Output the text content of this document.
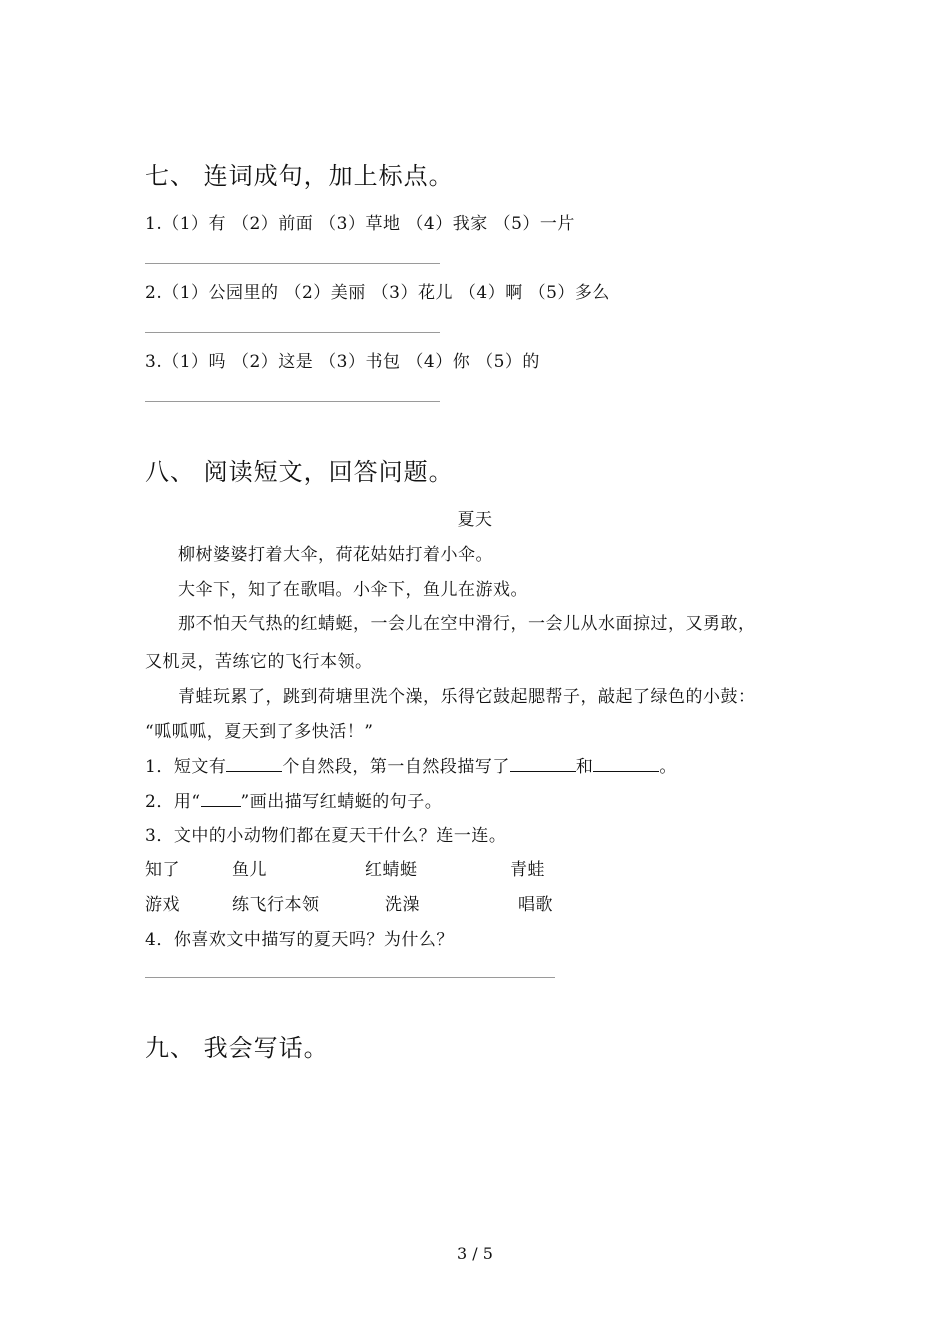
七、 连词成句，加上标点。
1.（1）有 （2）前面 （3）草地 （4）我家 （5）一片
2.（1）公园里的 （2）美丽 （3）花儿 （4）啊 （5）多么
3.（1）吗 （2）这是 （3）书包 （4）你 （5）的
八、 阅读短文，回答问题。
夏天
柳树婆婆打着大伞，荷花姑姑打着小伞。
大伞下，知了在歌唱。小伞下，鱼儿在游戏。
那不怕天气热的红蜻蜓，一会儿在空中滑行，一会儿从水面掠过，又勇敢，
又机灵，苦练它的飞行本领。
青蛙玩累了，跳到荷塘里洗个澡，乐得它鼓起腮帮子，敲起了绿色的小鼓：
“呱呱呱，夏天到了多快活！”
1．短文有	个自然段，第一自然段描写了	和	。
2．用“ ”画出描写红蜻蜓的句子。
3．文中的小动物们都在夏天干什么？连一连。
知了	鱼儿	红蜻蜓	青蛙
游戏	练飞行本领	洗澡	唱歌
4．你喜欢文中描写的夏天吗？为什么？
九、 我会写话。
3 / 5
